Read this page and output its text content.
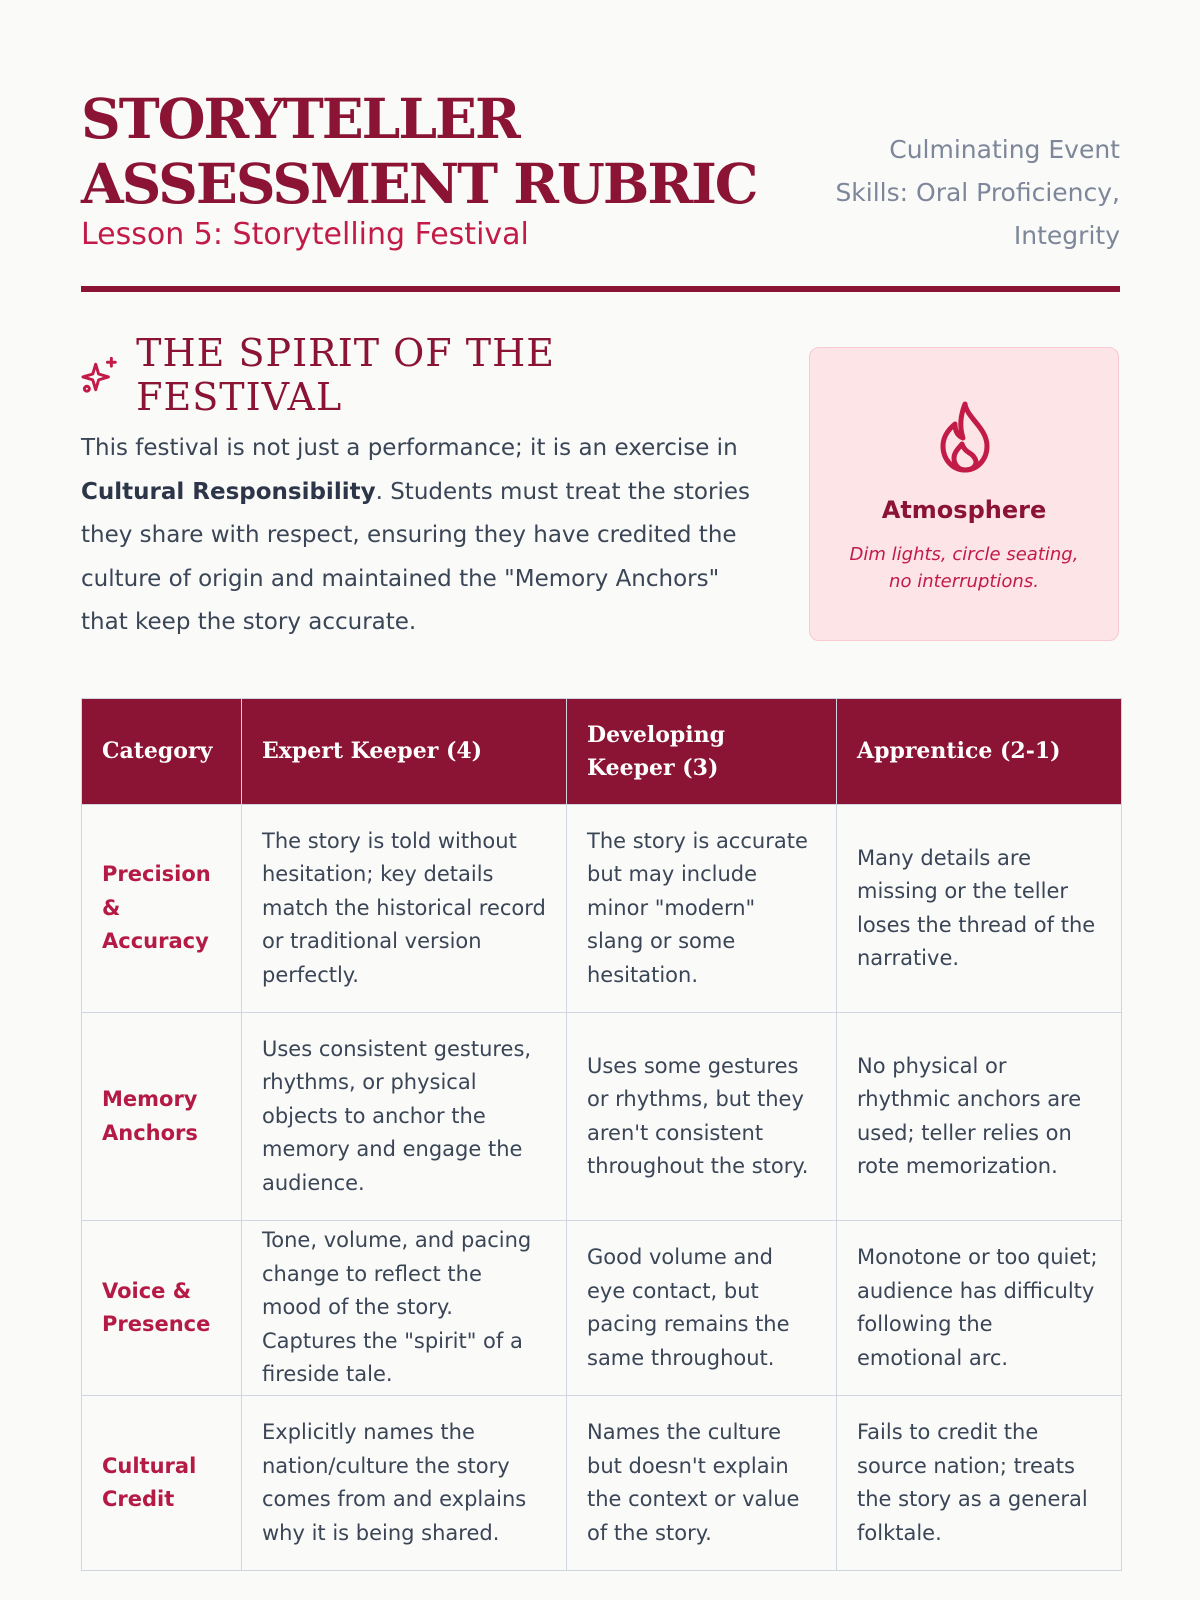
STORYTELLER
ASSESSMENT RUBRIC
Lesson 5: Storytelling Festival
Culminating Event
Skills: Oral Proficiency,
Integrity
THE SPIRIT OF THE FESTIVAL
This festival is not just a performance; it is an exercise in Cultural Responsibility. Students must treat the stories they share with respect, ensuring they have credited the culture of origin and maintained the "Memory Anchors" that keep the story accurate.
Atmosphere
Dim lights, circle seating, no interruptions.
Category	Expert Keeper (4)	Developing Keeper (3)	Apprentice (2-1)
Precision & Accuracy	The story is told without hesitation; key details match the historical record or traditional version perfectly.	The story is accurate but may include minor "modern" slang or some hesitation.	Many details are missing or the teller loses the thread of the narrative.
Memory Anchors	Uses consistent gestures, rhythms, or physical objects to anchor the memory and engage the audience.	Uses some gestures or rhythms, but they aren't consistent throughout the story.	No physical or rhythmic anchors are used; teller relies on rote memorization.
Voice & Presence	Tone, volume, and pacing change to reflect the mood of the story. Captures the "spirit" of a fireside tale.	Good volume and eye contact, but pacing remains the same throughout.	Monotone or too quiet; audience has difficulty following the emotional arc.
Cultural Credit	Explicitly names the nation/culture the story comes from and explains why it is being shared.	Names the culture but doesn't explain the context or value of the story.	Fails to credit the source nation; treats the story as a general folktale.
